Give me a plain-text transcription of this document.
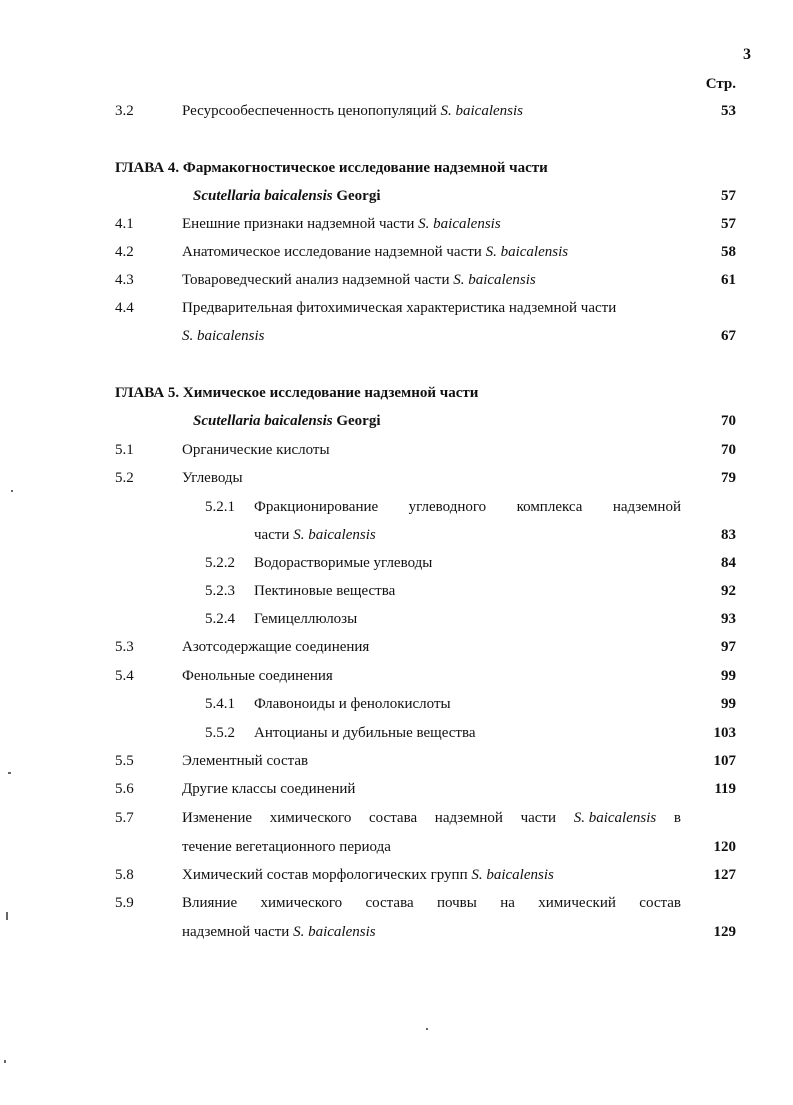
3
Стр.
3.2	Ресурсообеспеченность ценопопуляций S. baicalensis	53
ГЛАВА 4. Фармакогностическое исследование надземной части
Scutellaria baicalensis Georgi	57
4.1	Енешние признаки надземной части S. baicalensis	57
4.2	Анатомическое исследование надземной части S. baicalensis	58
4.3	Товароведческий анализ надземной части S. baicalensis	61
4.4	Предварительная фитохимическая характеристика надземной части
S. baicalensis	67
ГЛАВА 5. Химическое исследование надземной части
Scutellaria baicalensis Georgi	70
5.1	Органические кислоты	70
5.2	Углеводы	79
5.2.1 Фракционирование углеводного комплекса надземной
части S. baicalensis	83
5.2.2 Водорастворимые углеводы	84
5.2.3 Пектиновые вещества	92
5.2.4 Гемицеллюлозы	93
5.3	Азотсодержащие соединения	97
5.4	Фенольные соединения	99
5.4.1 Флавоноиды и фенолокислоты	99
5.5.2 Антоцианы и дубильные вещества	103
5.5	Элементный состав	107
5.6	Другие классы соединений	119
5.7	Изменение химического состава надземной части S. baicalensis в
течение вегетационного периода	120
5.8	Химический состав морфологических групп S. baicalensis	127
5.9	Влияние химического состава почвы на химический состав
надземной части S. baicalensis	129
